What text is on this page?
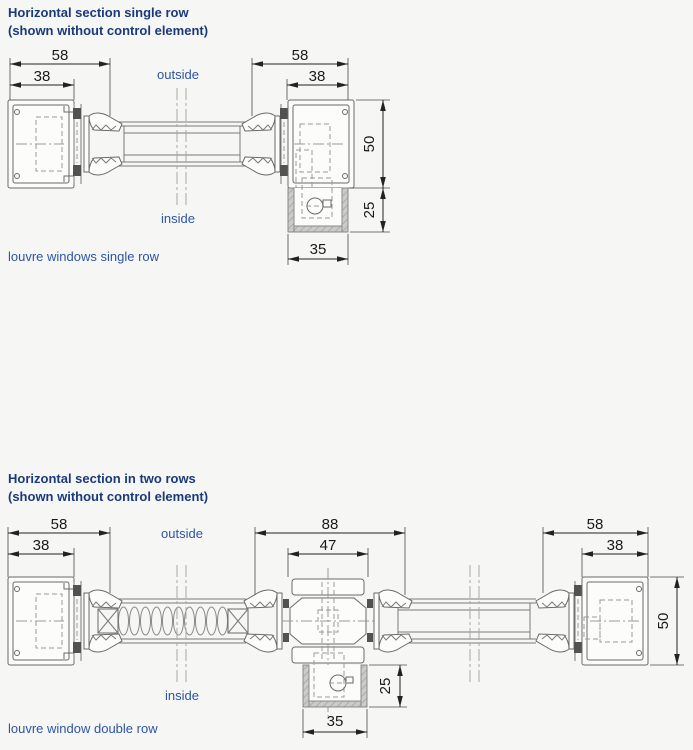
Horizontal section single row
(shown without control element)
58
38
58
38
50
25
35
outside
inside
louvre windows single row
Horizontal section in two rows
(shown without control element)
58
38
88
47
58
38
50
25
35
outside
inside
louvre window double row
